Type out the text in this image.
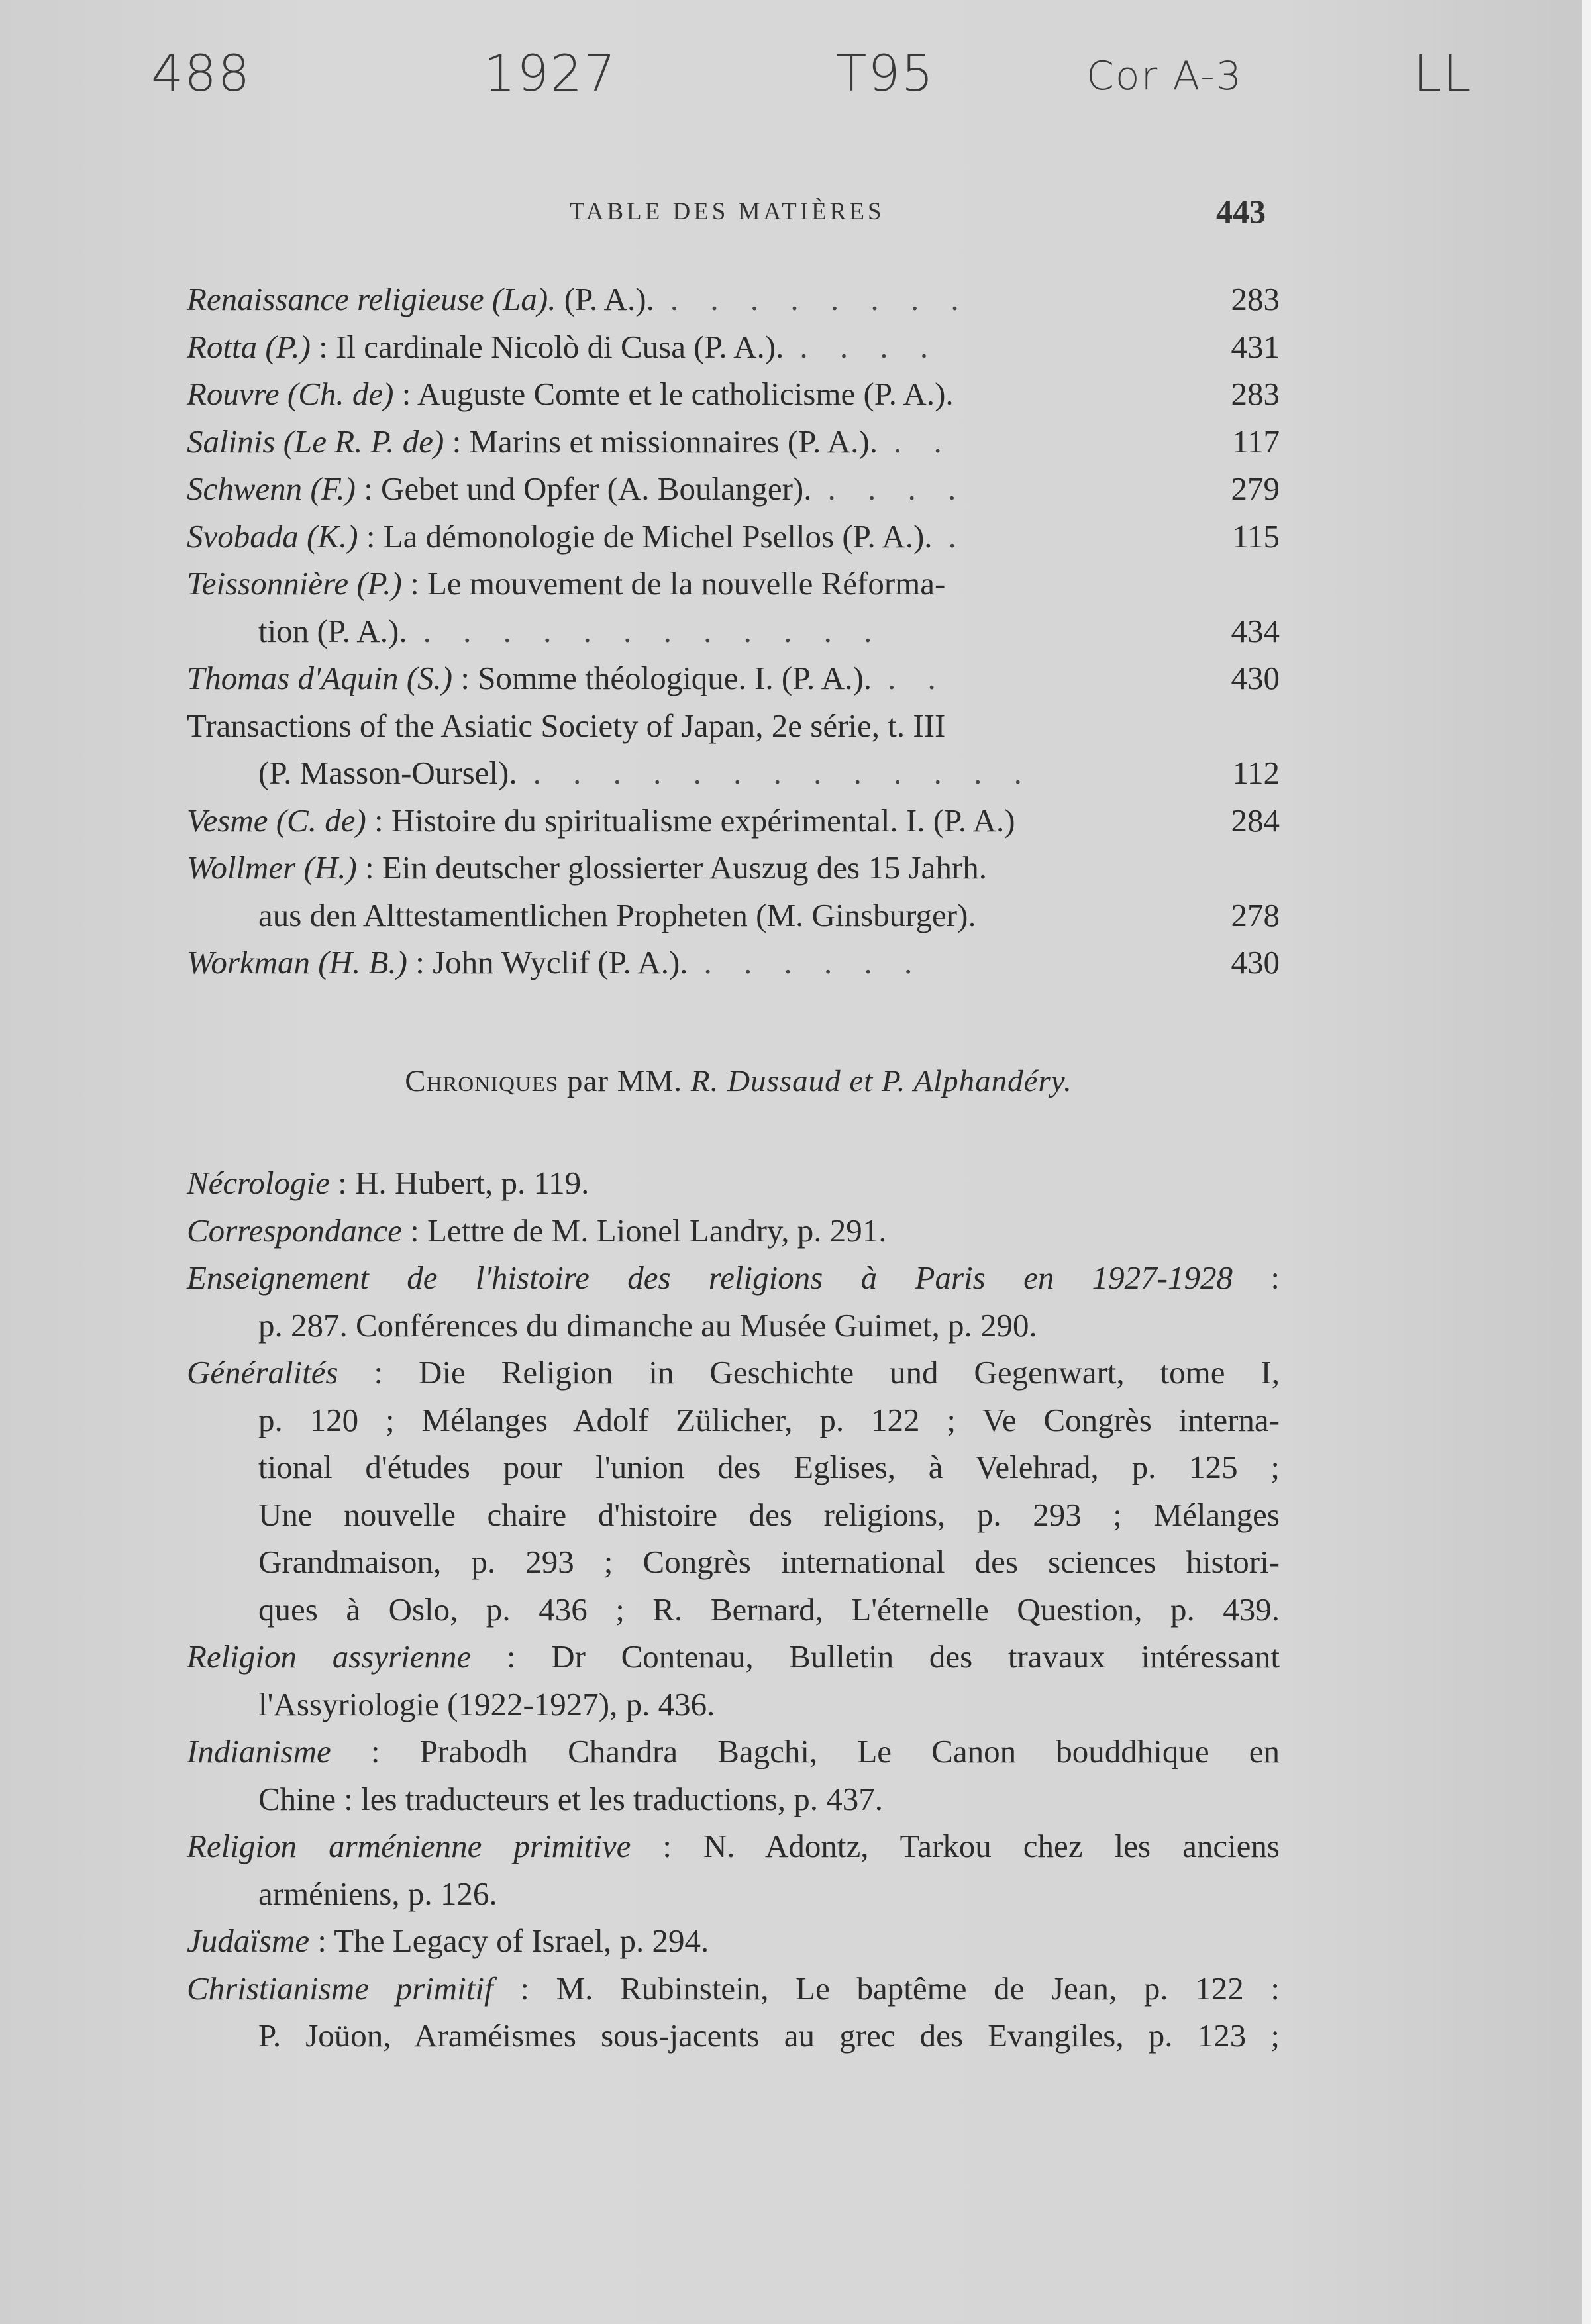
488	1927	T95	Cor A-3	LL
TABLE DES MATIÈRES	443
Renaissance religieuse (La). (P. A.). . . . . . . . .	283
Rotta (P.) : Il cardinale Nicolò di Cusa (P. A.). . . . .	431
Rouvre (Ch. de) : Auguste Comte et le catholicisme (P. A.).	283
Salinis (Le R. P. de) : Marins et missionnaires (P. A.). . .	117
Schwenn (F.) : Gebet und Opfer (A. Boulanger). . . . .	279
Svobada (K.) : La démonologie de Michel Psellos (P. A.). .	115
Teissonnière (P.) : Le mouvement de la nouvelle Réforma-
tion (P. A.). . . . . . . . . . . . .	434
Thomas d'Aquin (S.) : Somme théologique. I. (P. A.). . .	430
Transactions of the Asiatic Society of Japan, 2e série, t. III
(P. Masson-Oursel). . . . . . . . . . . . . .	112
Vesme (C. de) : Histoire du spiritualisme expérimental. I. (P. A.)	284
Wollmer (H.) : Ein deutscher glossierter Auszug des 15 Jahrh.
aus den Alttestamentlichen Propheten (M. Ginsburger).	278
Workman (H. B.) : John Wyclif (P. A.). . . . . . .	430
Chroniques par MM. R. Dussaud et P. Alphandéry.
Nécrologie : H. Hubert, p. 119.
Correspondance : Lettre de M. Lionel Landry, p. 291.
Enseignement de l'histoire des religions à Paris en 1927-1928 :
p. 287. Conférences du dimanche au Musée Guimet, p. 290.
Généralités : Die Religion in Geschichte und Gegenwart, tome I,
p. 120 ; Mélanges Adolf Zülicher, p. 122 ; Ve Congrès interna-
tional d'études pour l'union des Eglises, à Velehrad, p. 125 ;
Une nouvelle chaire d'histoire des religions, p. 293 ; Mélanges
Grandmaison, p. 293 ; Congrès international des sciences histori-
ques à Oslo, p. 436 ; R. Bernard, L'éternelle Question, p. 439.
Religion assyrienne : Dr Contenau, Bulletin des travaux intéressant
l'Assyriologie (1922-1927), p. 436.
Indianisme : Prabodh Chandra Bagchi, Le Canon bouddhique en
Chine : les traducteurs et les traductions, p. 437.
Religion arménienne primitive : N. Adontz, Tarkou chez les anciens
arméniens, p. 126.
Judaïsme : The Legacy of Israel, p. 294.
Christianisme primitif : M. Rubinstein, Le baptême de Jean, p. 122 :
P. Joüon, Araméismes sous-jacents au grec des Evangiles, p. 123 ;
